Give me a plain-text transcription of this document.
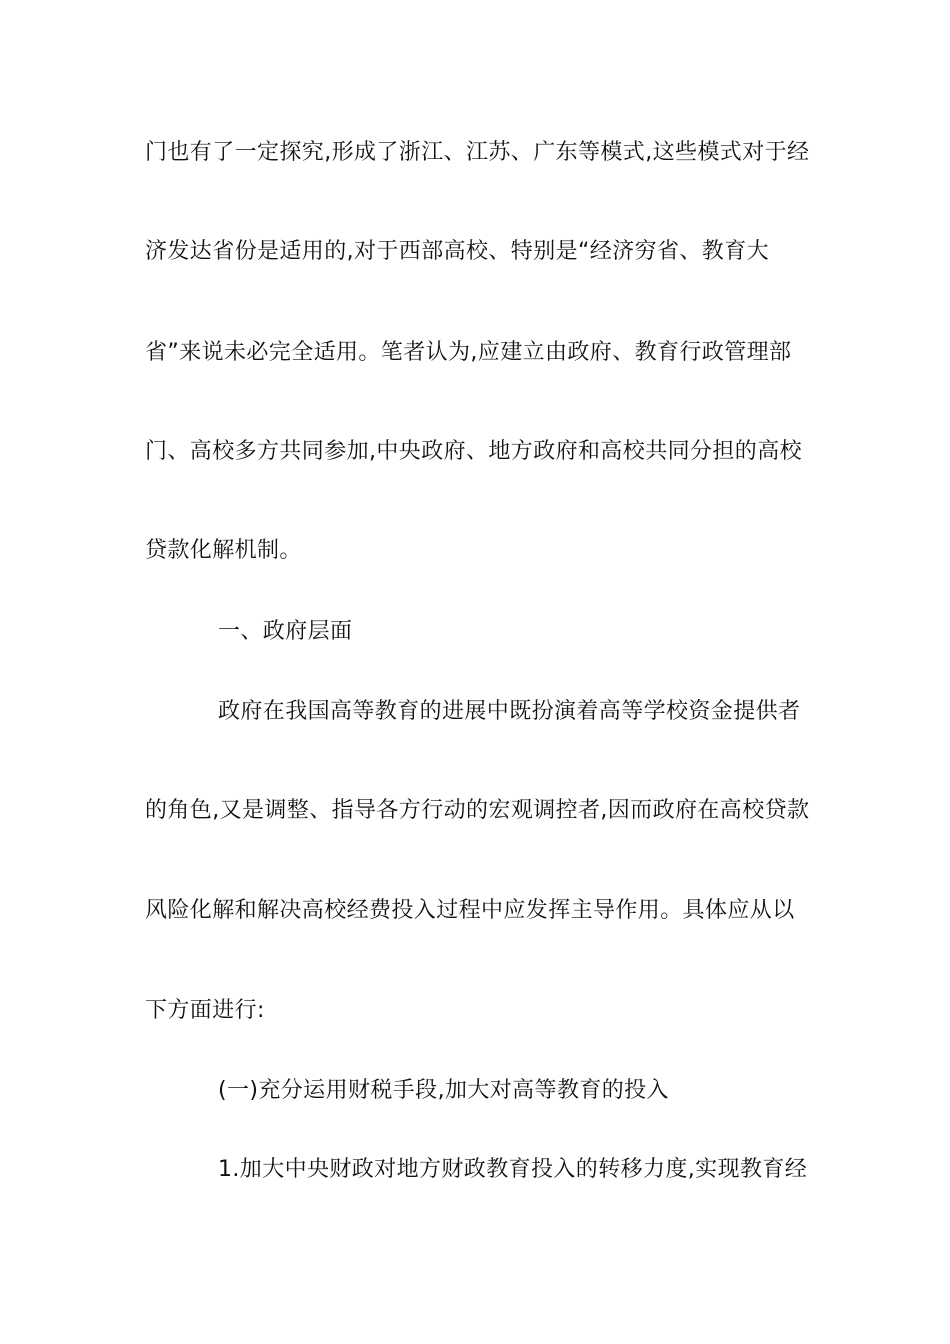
门也有了一定探究,形成了浙江、江苏、广东等模式,这些模式对于经
济发达省份是适用的,对于西部高校、特别是“经济穷省、教育大
省”来说未必完全适用。笔者认为,应建立由政府、教育行政管理部
门、高校多方共同参加,中央政府、地方政府和高校共同分担的高校
贷款化解机制。
一、政府层面
政府在我国高等教育的进展中既扮演着高等学校资金提供者
的角色,又是调整、指导各方行动的宏观调控者,因而政府在高校贷款
风险化解和解决高校经费投入过程中应发挥主导作用。具体应从以
下方面进行:
(一)充分运用财税手段,加大对高等教育的投入
1.加大中央财政对地方财政教育投入的转移力度,实现教育经
